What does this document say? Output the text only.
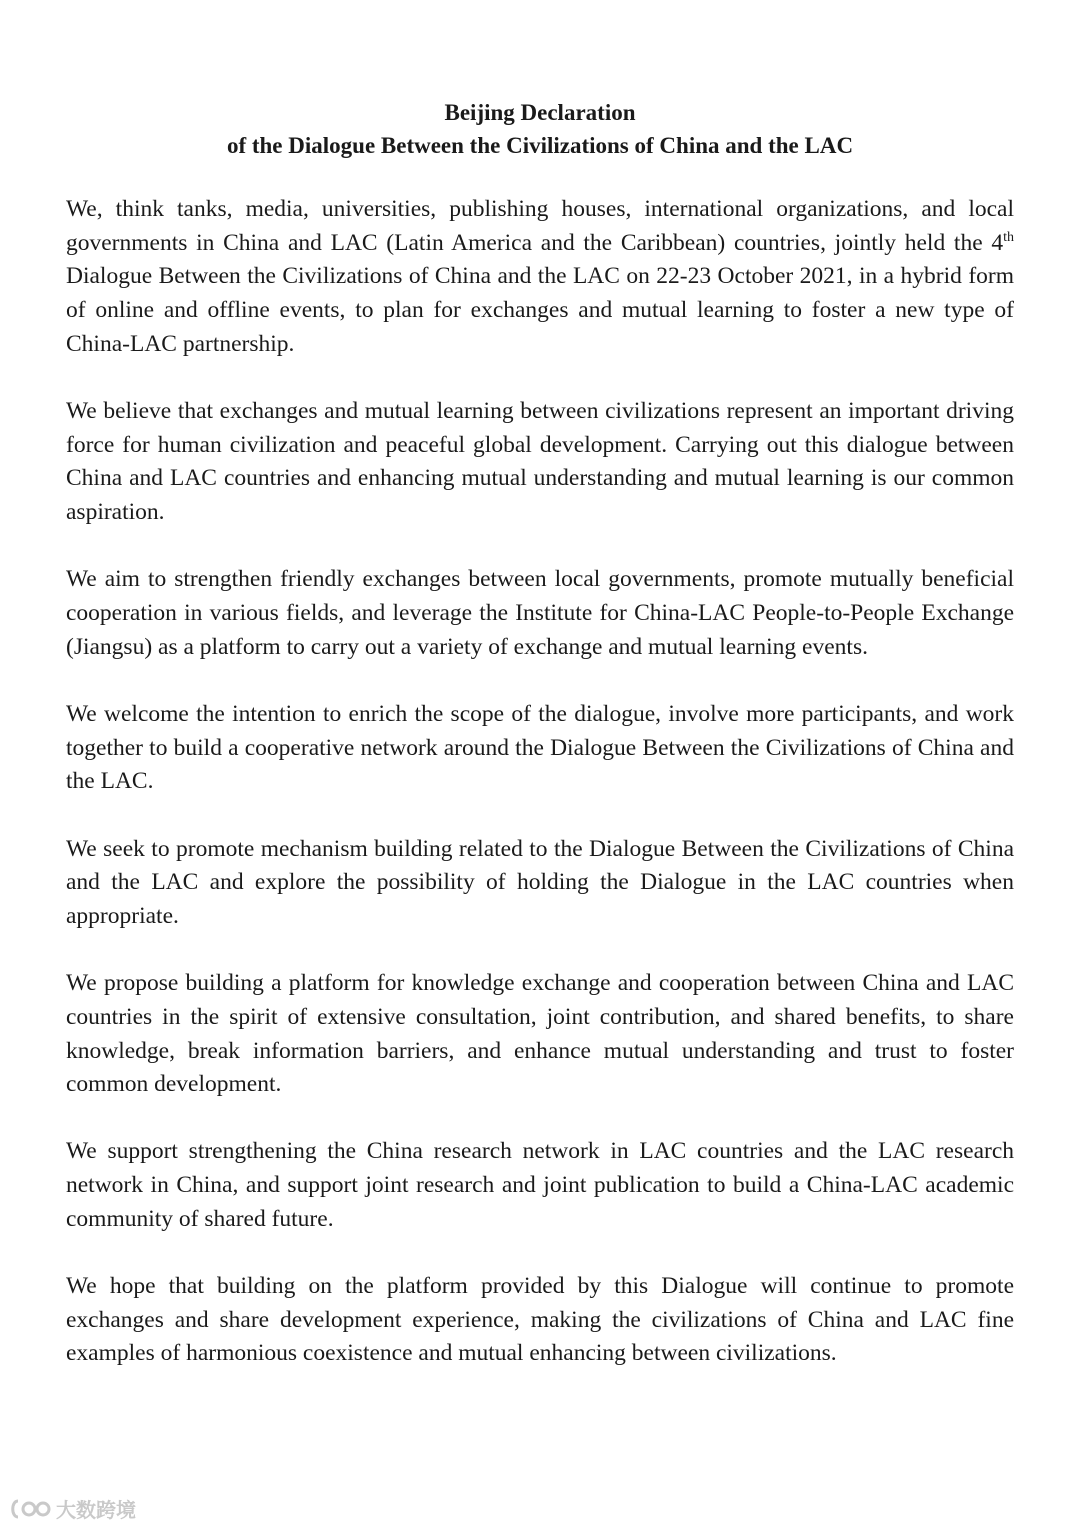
Beijing Declaration
of the Dialogue Between the Civilizations of China and the LAC

We, think tanks, media, universities, publishing houses, international organizations, and local governments in China and LAC (Latin America and the Caribbean) countries, jointly held the 4th Dialogue Between the Civilizations of China and the LAC on 22-23 October 2021, in a hybrid form of online and offline events, to plan for exchanges and mutual learning to foster a new type of China-LAC partnership.

We believe that exchanges and mutual learning between civilizations represent an important driving force for human civilization and peaceful global development. Carrying out this dialogue between China and LAC countries and enhancing mutual understanding and mutual learning is our common aspiration.

We aim to strengthen friendly exchanges between local governments, promote mutually beneficial cooperation in various fields, and leverage the Institute for China-LAC People-to-People Exchange (Jiangsu) as a platform to carry out a variety of exchange and mutual learning events.

We welcome the intention to enrich the scope of the dialogue, involve more participants, and work together to build a cooperative network around the Dialogue Between the Civilizations of China and the LAC.

We seek to promote mechanism building related to the Dialogue Between the Civilizations of China and the LAC and explore the possibility of holding the Dialogue in the LAC countries when appropriate.

We propose building a platform for knowledge exchange and cooperation between China and LAC countries in the spirit of extensive consultation, joint contribution, and shared benefits, to share knowledge, break information barriers, and enhance mutual understanding and trust to foster common development.

We support strengthening the China research network in LAC countries and the LAC research network in China, and support joint research and joint publication to build a China-LAC academic community of shared future.

We hope that building on the platform provided by this Dialogue will continue to promote exchanges and share development experience, making the civilizations of China and LAC fine examples of harmonious coexistence and mutual enhancing between civilizations.

大数跨境
